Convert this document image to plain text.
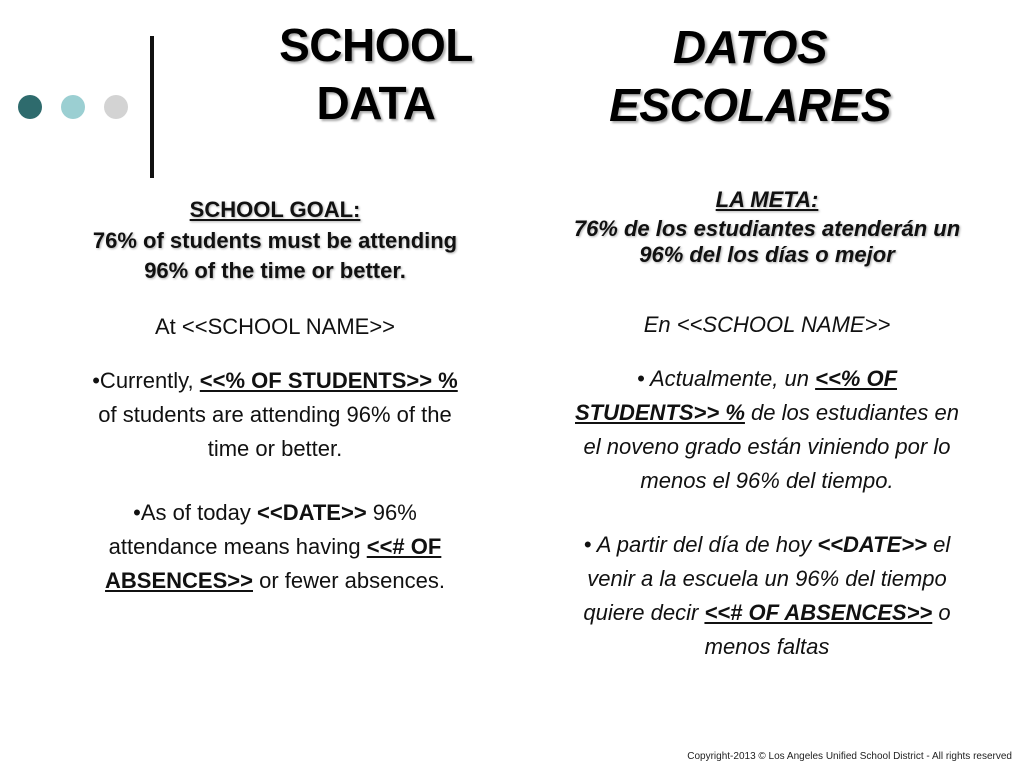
SCHOOL
DATA
DATOS
ESCOLARES

SCHOOL GOAL:

76% of students must be attending
96% of the time or better.

At <<SCHOOL NAME>>

•Currently, <<% OF STUDENTS>> %
of students are attending 96% of the
time or better.

•As of today <<DATE>> 96%
attendance means having <<# OF
ABSENCES>> or fewer absences.

LA META:

76% de los estudiantes atenderán un
96% del los días o mejor

En <<SCHOOL NAME>>

• Actualmente, un <<% OF
STUDENTS>> % de los estudiantes en
el noveno grado están viniendo por lo
menos el 96% del tiempo.

• A partir del día de hoy <<DATE>> el
venir a la escuela un 96% del tiempo
quiere decir <<# OF ABSENCES>> o
menos faltas

Copyright-2013 © Los Angeles Unified School District - All rights reserved
